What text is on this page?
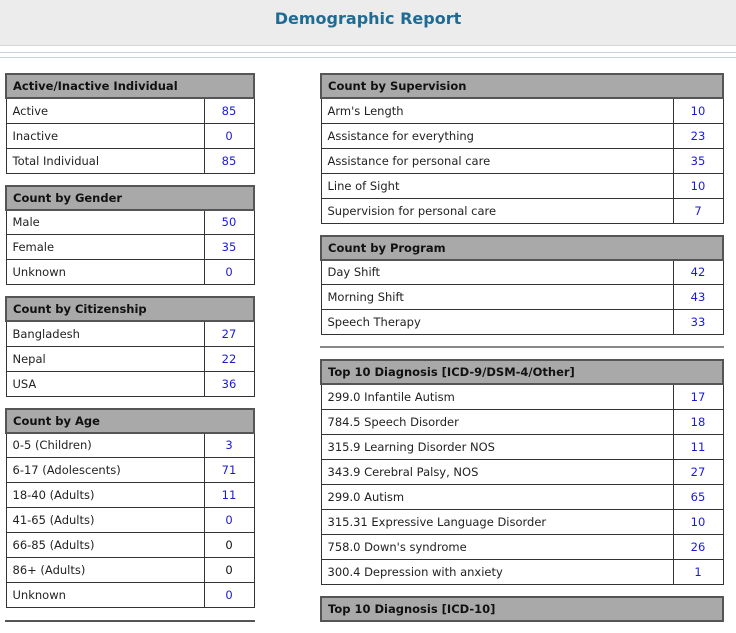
Demographic Report
Active/Inactive Individual	
Active	85
Inactive	0
Total Individual	85
Count by Gender	
Male	50
Female	35
Unknown	0
Count by Citizenship	
Bangladesh	27
Nepal	22
USA	36
Count by Age	
0-5 (Children)	3
6-17 (Adolescents)	71
18-40 (Adults)	11
41-65 (Adults)	0
66-85 (Adults)	0
86+ (Adults)	0
Unknown	0
Count by Supervision	
Arm's Length	10
Assistance for everything	23
Assistance for personal care	35
Line of Sight	10
Supervision for personal care	7
Count by Program	
Day Shift	42
Morning Shift	43
Speech Therapy	33
Top 10 Diagnosis [ICD-9/DSM-4/Other]	
299.0 Infantile Autism	17
784.5 Speech Disorder	18
315.9 Learning Disorder NOS	11
343.9 Cerebral Palsy, NOS	27
299.0 Autism	65
315.31 Expressive Language Disorder	10
758.0 Down's syndrome	26
300.4 Depression with anxiety	1
Top 10 Diagnosis [ICD-10]
